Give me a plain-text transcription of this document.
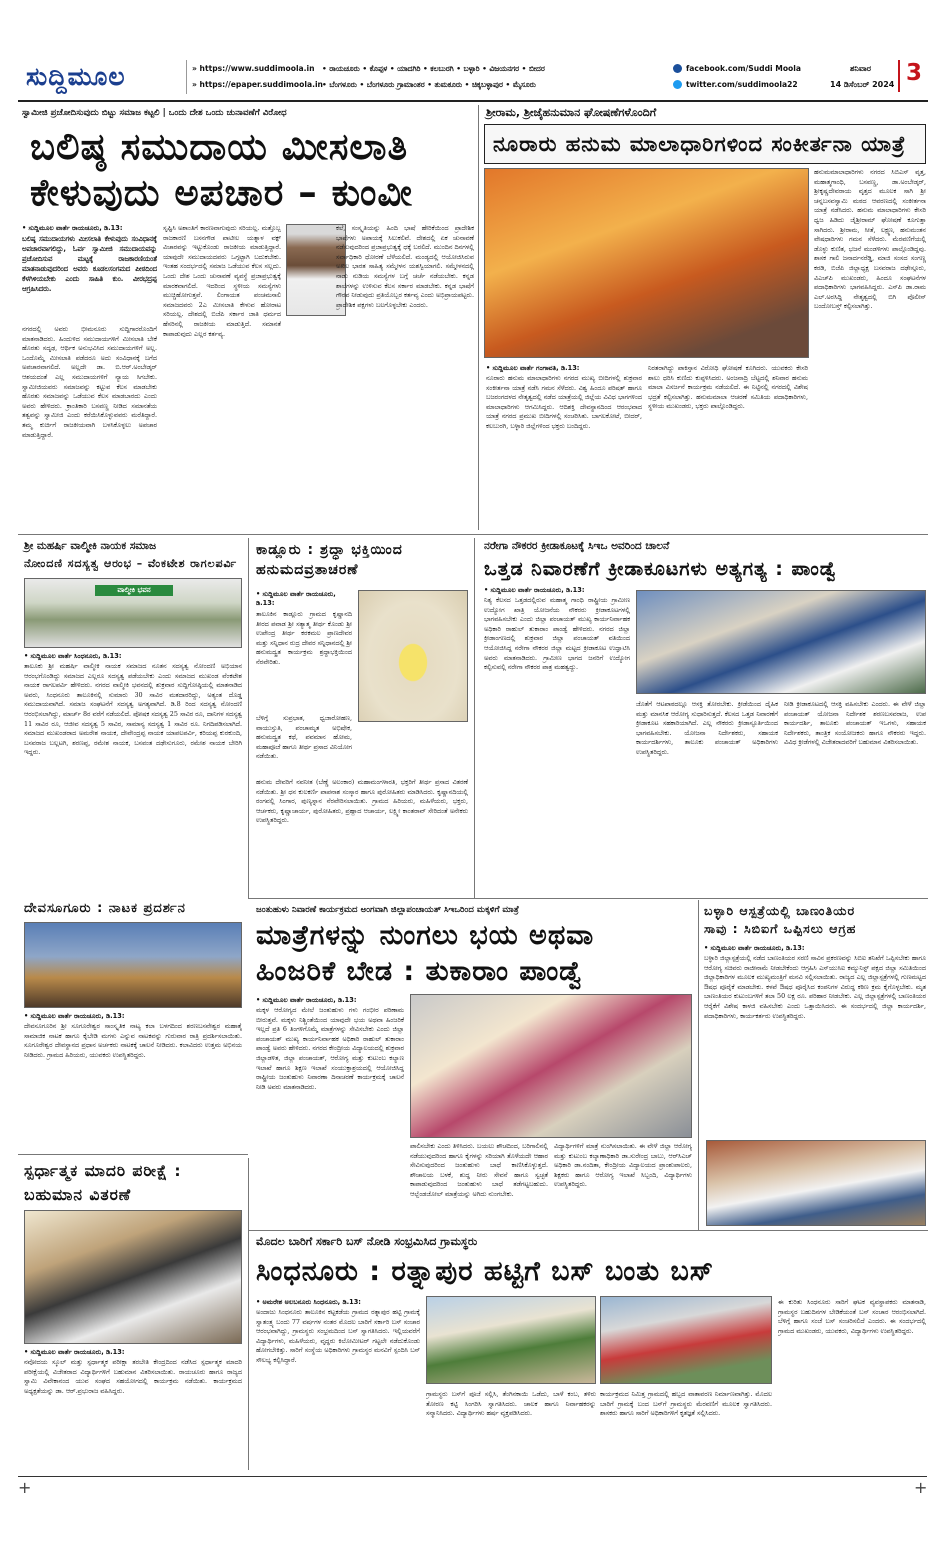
ಸುದ್ದಿಮೂಲ	» https://www.suddimoola.in
» https://epaper.suddimoola.in
• ರಾಯಚೂರು • ಕೊಪ್ಪಳ • ಯಾದಗಿರಿ • ಕಲಬುರಗಿ • ಬಳ್ಳಾರಿ • ವಿಜಯನಗರ • ಬೀದರ
• ಬೆಂಗಳೂರು • ಬೆಂಗಳೂರು ಗ್ರಾಮಾಂತರ • ತುಮಕೂರು • ಚಿಕ್ಕಬಳ್ಳಾಪುರ • ಮೈಸೂರು
facebook.com/Suddi Moola
twitter.com/suddimoola22
ಶನಿವಾರ
14 ಡಿಸೆಂಬರ್ 2024 3
ಸ್ವಾಮೀಜಿ ಪ್ರಚೋದಿಸುವುದು ಬಿಟ್ಟು ಸಮಾಜ ಕಟ್ಟಲಿ | ಒಂದು ದೇಶ ಒಂದು ಚುನಾವಣೆಗೆ ವಿರೋಧ
ಬಲಿಷ್ಠ ಸಮುದಾಯ ಮೀಸಲಾತಿ
ಕೇಳುವುದು ಅಪಚಾರ – ಕುಂವೀ
• ಸುದ್ದಿಮೂಲ ವಾರ್ತೆ ರಾಯಚೂರು, ಡಿ.13:
ಬಲಿಷ್ಠ ಸಮುದಾಯಗಳು ಮೀಸಲಾತಿ ಕೇಳುವುದು ಸಂವಿಧಾನಕ್ಕೆ ಅಪಚಾರವಾಗಲಿದ್ದು, ಓರ್ವ ಸ್ವಾಮೀಜಿ ಸಮುದಾಯವನ್ನು ಪ್ರಚೋದಿಸುವ ಮಟ್ಟಕ್ಕೆ ರಾಜಕಾರಣಿಯಂತೆ ಮಾತನಾಡುವುದರಿಂದ ಅವರು ಕೂಡಲಸಂಗಮದ ಪೀಠದಿಂದ ಕೆಳಗಿಳಿಯಬೇಕು ಎಂದು ಸಾಹಿತಿ ಕುಂ. ವೀರಭದ್ರಪ್ಪ ಆಗ್ರಹಿಸಿದರು.
ನಗರದಲ್ಲಿ ಅವರು ಭೀಮನೂರು ಸುದ್ದಿಗಾರರೊಂದಿಗೆ ಮಾತನಾಡಿದರು. ಹಿಂದುಳಿದ ಸಮುದಾಯಗಳಿಗೆ ಮೀಸಲಾತಿ ಬೇಕೆ ಹೊರತು ಸದೃಢ, ಆರ್ಥಿಕ ಅನುಭವಿಸಿದ ಸಮುದಾಯಗಳಿಗೆ ಅಲ್ಲ. ಒಂದೊಮ್ಮೆ ಮೀಸಲಾತಿ ಪಡೆದರೂ ಅದು ಸಂವಿಧಾನಕ್ಕೆ ಬಗೆದ ಅಪಚಾರವಾಗಲಿದೆ. ಅಲ್ಲದೇ ಡಾ. ಬಿ.ಆರ್.ಅಂಬೇಡ್ಕರ್ ಆಶಯದಂತೆ ಎಲ್ಲ ಸಮುದಾಯಗಳಿಗೆ ನ್ಯಾಯ ಸಿಗಬೇಕು. ಸ್ವಾಮೀಜಿಯವರು ಸಮಾಜವನ್ನು ಕಟ್ಟುವ ಕೆಲಸ ಮಾಡಬೇಕು ಹೊರತು ಸಮಾಜವನ್ನು ಒಡೆಯುವ ಕೆಲಸ ಮಾಡಬಾರದು ಎಂದು ಅವರು ಹೇಳಿದರು. ಕ್ರಾಂತಿಕಾರಿ ಬಸವಣ್ಣ ನೀಡಿದ ಸಮಾನತೆಯ ತತ್ವವನ್ನು ಸ್ವಾಮೀಜಿ ಎಂದು ಕರೆಯಿಸಿಕೊಳ್ಳುವವರು ಮರೆತಿದ್ದಾರೆ. ತಮ್ಮ ಕುರ್ಚಿಗೆ ರಾಜಕೀಯವಾಗಿ ಬಳಸಿಕೊಳ್ಳಲು ಅಪಚಾರ ಮಾಡುತ್ತಿದ್ದಾರೆ.
ಸೃಷ್ಟಿಸಿ ಅಶಾಂತಿಗೆ ಕಾರಣವಾಗುವುದು ಸರಿಯಲ್ಲ. ಮತ್ತೊಬ್ಬ ರಾಜಕಾರಣಿ ಬಸನಗೌಡ ಪಾಟೀಲ ಯತ್ನಾಳ ವಕ್ಫ್ ವಿಚಾರವನ್ನು ಇಟ್ಟುಕೊಂಡು ರಾಜಕೀಯ ಮಾಡುತ್ತಿದ್ದಾರೆ. ಯಾವುದೇ ಸಮುದಾಯದವರು ಒಗ್ಗಟ್ಟಾಗಿ ಬದುಕಬೇಕು. ಇಂತಹ ಸಂದರ್ಭದಲ್ಲಿ ಸಮಾಜ ಒಡೆಯುವ ಕೆಲಸ ಸಲ್ಲದು. ಒಂದು ದೇಶ ಒಂದು ಚುನಾವಣೆ ವ್ಯವಸ್ಥೆ ಪ್ರಜಾಪ್ರಭುತ್ವಕ್ಕೆ ಮಾರಕವಾಗಲಿದೆ. ಇದರಿಂದ ಸ್ಥಳೀಯ ಸಮಸ್ಯೆಗಳು ಮುಚ್ಚಿಹೋಗುತ್ತವೆ. ಲಿಂಗಾಯತ ಪಂಚಮಸಾಲಿ ಸಮಾಜದವರು 2ಎ ಮೀಸಲಾತಿ ಕೇಳುವ ಹೋರಾಟ ಸರಿಯಲ್ಲ. ದೇಶದಲ್ಲಿ ಬಿಜೆಪಿ ಸರ್ಕಾರ ಜಾತಿ ಧರ್ಮದ ಹೆಸರಿನಲ್ಲಿ ರಾಜಕೀಯ ಮಾಡುತ್ತಿದೆ. ಸಮಾನತೆ ಕಾಪಾಡುವುದು ಎಲ್ಲರ ಕರ್ತವ್ಯ.
ಕಲೆ, ಸಂಸ್ಕೃತಿಯನ್ನು ಹಿಂದಿ ಭಾಷೆ ಹೇರಿಕೆಯಿಂದ ಪ್ರಾದೇಶಿಕ ಭಾಷೆಗಳು ಅಪಾಯಕ್ಕೆ ಸಿಲುಕಲಿವೆ. ದೇಶದಲ್ಲಿ ಏಕ ಚುನಾವಣೆ ನಡೆಸುವುದರಿಂದ ಪ್ರಜಾಪ್ರಭುತ್ವಕ್ಕೆ ಧಕ್ಕೆ ಬರಲಿದೆ. ಮುಂದಿನ ದಿನಗಳಲ್ಲಿ ಸರ್ವಾಧಿಕಾರಿ ಧೋರಣೆ ಬೆಳೆಯಲಿದೆ. ಮಂಡ್ಯದಲ್ಲಿ ಆಯೋಜಿಸಿರುವ ಅಖಿಲ ಭಾರತ ಸಾಹಿತ್ಯ ಸಮ್ಮೇಳನ ಯಶಸ್ವಿಯಾಗಲಿ. ಸಮ್ಮೇಳನದಲ್ಲಿ ನಾಡು ನುಡಿಯ ಸಮಸ್ಯೆಗಳ ಬಗ್ಗೆ ಚರ್ಚೆ ನಡೆಯಬೇಕು. ಕನ್ನಡ ಶಾಲೆಗಳನ್ನು ಉಳಿಸುವ ಕೆಲಸ ಸರ್ಕಾರ ಮಾಡಬೇಕು. ಕನ್ನಡ ಭಾಷೆಗೆ ಗೌರವ ನೀಡುವುದು ಪ್ರತಿಯೊಬ್ಬರ ಕರ್ತವ್ಯ ಎಂದು ಅಭಿಪ್ರಾಯಪಟ್ಟರು. ಪ್ರಾದೇಶಿಕ ಪಕ್ಷಗಳು ಬಲಗೊಳ್ಳಬೇಕು ಎಂದರು.
ಶ್ರೀರಾಮ, ಶ್ರೀಜೈಹನುಮಾನ ಘೋಷಣೆಗಳೊಂದಿಗೆ
ನೂರಾರು ಹನುಮ ಮಾಲಾಧಾರಿಗಳಿಂದ ಸಂಕೀರ್ತನಾ ಯಾತ್ರೆ
ಹನುಮಮಾಲಾಧಾರಿಗಳು ನಗರದ ಸಿಬಿಎಸ್ ವೃತ್ತ, ಮಹಾತ್ಮಗಾಂಧಿ, ಬಸವಣ್ಣ, ಡಾ.ಅಂಬೇಡ್ಕರ್, ಶ್ರೀಕೃಷ್ಣದೇವರಾಯ ವೃತ್ತದ ಮೂಲಕ ಸಾಗಿ ಶ್ರೀ ಚನ್ನಬಸವಸ್ವಾಮಿ ಮಠದ ಆವರಣದಲ್ಲಿ ಸಂಕೀರ್ತನಾ ಯಾತ್ರೆ ನಡೆಸಿದರು. ಹನುಮ ಮಾಲಾಧಾರಿಗಳು ಕೇಸರಿ ಧ್ವಜ ಹಿಡಿದು ಜೈಶ್ರೀರಾಮ್ ಘೋಷಣೆ ಕೂಗುತ್ತಾ ಸಾಗಿದರು. ಶ್ರೀರಾಮ, ಸೀತೆ, ಲಕ್ಷ್ಮಣ, ಹನುಮಂತನ ವೇಷಧಾರಿಗಳು ಗಮನ ಸೆಳೆದರು. ಮೆರವಣಿಗೆಯಲ್ಲಿ ಡೊಳ್ಳು ಕುಣಿತ, ಭಜನೆ ಮಂಡಳಿಗಳು ಪಾಲ್ಗೊಂಡಿದ್ದವು. ಶಾಸಕ ಗಾಲಿ ಜನಾರ್ದನರೆಡ್ಡಿ, ಮಾಜಿ ಸಂಸದ ಸಂಗಣ್ಣ ಕರಡಿ, ಬಿಜೆಪಿ ಜಿಲ್ಲಾಧ್ಯಕ್ಷ ಬಸವರಾಜ ದಢೇಸ್ಗೂರು, ವಿಎಚ್‌ಪಿ ಮುಖಂಡರು, ಹಿಂದೂ ಸಂಘಟನೆಗಳ ಪದಾಧಿಕಾರಿಗಳು ಭಾಗವಹಿಸಿದ್ದರು. ಎಸ್‌ಪಿ ಡಾ.ರಾಮ ಎಲ್.ಅರಸಿದ್ದಿ ನೇತೃತ್ವದಲ್ಲಿ ಬಿಗಿ ಪೊಲೀಸ್ ಬಂದೋಬಸ್ತ್ ಕಲ್ಪಿಸಲಾಗಿತ್ತು.
• ಸುದ್ದಿಮೂಲ ವಾರ್ತೆ ಗಂಗಾವತಿ, ಡಿ.13:
ನೂರಾರು ಹನುಮ ಮಾಲಾಧಾರಿಗಳು ನಗರದ ಮುಖ್ಯ ಬೀದಿಗಳಲ್ಲಿ ಶುಕ್ರವಾರ ಸಂಕೀರ್ತನಾ ಯಾತ್ರೆ ನಡೆಸಿ ಗಮನ ಸೆಳೆದರು. ವಿಶ್ವ ಹಿಂದೂ ಪರಿಷತ್ ಹಾಗೂ ಬಜರಂಗದಳದ ನೇತೃತ್ವದಲ್ಲಿ ನಡೆದ ಯಾತ್ರೆಯಲ್ಲಿ ಜಿಲ್ಲೆಯ ವಿವಿಧ ಭಾಗಗಳಿಂದ ಮಾಲಾಧಾರಿಗಳು ಆಗಮಿಸಿದ್ದರು. ಆದಿಶಕ್ತಿ ದೇವಸ್ಥಾನದಿಂದ ಆರಂಭವಾದ ಯಾತ್ರೆ ನಗರದ ಪ್ರಮುಖ ಬೀದಿಗಳಲ್ಲಿ ಸಂಚರಿಸಿತು. ಬಾಗಲಕೋಟೆ, ಬೀದರ್, ಕಲಬುರಗಿ, ಬಳ್ಳಾರಿ ಜಿಲ್ಲೆಗಳಿಂದ ಭಕ್ತರು ಬಂದಿದ್ದರು.
ನಿರತರಾಗಿದ್ದು ಪಾಕಿಸ್ತಾನ ವಿರೋಧಿ ಘೋಷಣೆ ಕೂಗಿದರು. ಯುವಕರು ಕೇಸರಿ ಶಾಲು ಧರಿಸಿ ಕುಣಿದು ಕುಪ್ಪಳಿಸಿದರು. ಅಂಜನಾದ್ರಿ ಬೆಟ್ಟದಲ್ಲಿ ಶನಿವಾರ ಹನುಮ ಮಾಲಾ ವಿಸರ್ಜನೆ ಕಾರ್ಯಕ್ರಮ ನಡೆಯಲಿದೆ. ಈ ನಿಟ್ಟಿನಲ್ಲಿ ನಗರದಲ್ಲಿ ವಿಶೇಷ ಭದ್ರತೆ ಕಲ್ಪಿಸಲಾಗಿತ್ತು. ಹನುಮಮಾಲಾ ಆಚರಣೆ ಸಮಿತಿಯ ಪದಾಧಿಕಾರಿಗಳು, ಸ್ಥಳೀಯ ಮುಖಂಡರು, ಭಕ್ತರು ಪಾಲ್ಗೊಂಡಿದ್ದರು.
ಶ್ರೀ ಮಹರ್ಷಿ ವಾಲ್ಮೀಕಿ ನಾಯಕ ಸಮಾಜ
ನೋಂದಣಿ ಸದಸ್ಯತ್ವ ಆರಂಭ – ವೆಂಕಟೇಶ ರಾಗಲಪರ್ವಿ
ವಾಲ್ಮೀಕಿ ಭವನ
• ಸುದ್ದಿಮೂಲ ವಾರ್ತೆ ಸಿಂಧನೂರು, ಡಿ.13:
ತಾಲೂಕು ಶ್ರೀ ಮಹರ್ಷಿ ವಾಲ್ಮೀಕಿ ನಾಯಕ ಸಮಾಜದ ನೂತನ ಸದಸ್ಯತ್ವ ನೋಂದಣಿ ಅಭಿಯಾನ ಆರಂಭಗೊಂಡಿದ್ದು ಸಮಾಜದ ಎಲ್ಲರೂ ಸದಸ್ಯತ್ವ ಪಡೆಯಬೇಕು ಎಂದು ಸಮಾಜದ ಮುಖಂಡ ವೆಂಕಟೇಶ ನಾಯಕ ರಾಗಲಪರ್ವಿ ಹೇಳಿದರು. ನಗರದ ವಾಲ್ಮೀಕಿ ಭವನದಲ್ಲಿ ಶುಕ್ರವಾರ ಸುದ್ದಿಗೋಷ್ಠಿಯಲ್ಲಿ ಮಾತನಾಡಿದ ಅವರು, ಸಿಂಧನೂರು ತಾಲೂಕಿನಲ್ಲಿ ಸುಮಾರು 30 ಸಾವಿರ ಮತದಾರರಿದ್ದು, ಅತ್ಯಂತ ದೊಡ್ಡ ಸಮುದಾಯವಾಗಿದೆ. ಸಮಾಜ ಸಂಘಟನೆಗೆ ಸದಸ್ಯತ್ವ ಅಗತ್ಯವಾಗಿದೆ. ಡಿ.8 ರಿಂದ ಸದಸ್ಯತ್ವ ನೋಂದಣಿ ಆರಂಭಿಸಲಾಗಿದ್ದು, ಮಾರ್ಚ್ 8ರ ವರೆಗೆ ನಡೆಯಲಿದೆ. ಪೋಷಕ ಸದಸ್ಯತ್ವ 25 ಸಾವಿರ ರೂ, ದಾನಿಗಳ ಸದಸ್ಯತ್ವ 11 ಸಾವಿರ ರೂ, ಆಜೀವ ಸದಸ್ಯತ್ವ 5 ಸಾವಿರ, ಸಾಮಾನ್ಯ ಸದಸ್ಯತ್ವ 1 ಸಾವಿರ ರೂ. ನಿಗದಿಪಡಿಸಲಾಗಿದೆ. ಸಮಾಜದ ಮುಖಂಡರಾದ ಅಮರೇಶ ನಾಯಕ, ದೇವೇಂದ್ರಪ್ಪ ನಾಯಕ ಯಾಪಲಪರ್ವಿ, ಕರಿಯಪ್ಪ ಕುರಕುಂದಿ, ಬಸವರಾಜ ಬಲ್ಲಟಗಿ, ಶರಣಪ್ಪ, ರಮೇಶ ನಾಯಕ, ಬಸವಂತ ದಢೇಸುಗೂರು, ರಮೇಶ ನಾಯಕ ಬೇರಿಗಿ ಇದ್ದರು.
ಕಾಡ್ಲೂರು : ಶ್ರದ್ಧಾ ಭಕ್ತಿಯಿಂದ
ಹನುಮದವ್ರತಾಚರಣೆ
• ಸುದ್ದಿಮೂಲ ವಾರ್ತೆ ರಾಯಚೂರು, ಡಿ.13:
ತಾಲೂಕಿನ ಕಾಡ್ಲೂರು ಗ್ರಾಮದ ಕೃಷ್ಣಾನದಿ ತೀರದ ಪವಾಡ ಶ್ರೀ ಸತ್ಯಾತ್ಮ ತೀರ್ಥ ಕೊಂಡು ಶ್ರೀ ಉಪೇಂದ್ರ ತೀರ್ಥ ಕರಕಮಲ ಪ್ರಾಣದೇವರ ಮತ್ತು ಸನ್ನಿಧಾನ ರುದ್ರ ದೇವರ ಸನ್ನಿಧಾನದಲ್ಲಿ ಶ್ರೀ ಹನುಮದ್ವ್ರತ ಕಾರ್ಯಕ್ರಮ ಶ್ರದ್ಧಾಭಕ್ತಿಯಿಂದ ನೆರವೇರಿತು.
ಬೆಳಿಗ್ಗೆ ಸುಪ್ರಭಾತ, ಧ್ವಜಾರೋಹಣ, ವಾಯುಸ್ತುತಿ, ಪಂಚಾಮೃತ ಅಭಿಷೇಕ, ಹನುಮದ್ವ್ರತ ಕಥೆ, ಪವಮಾನ ಹೋಮ, ಮಹಾಪೂಜೆ ಹಾಗೂ ತೀರ್ಥ ಪ್ರಸಾದ ವಿನಿಯೋಗ ನಡೆಯಿತು.
ಹನುಮ ದೇವರಿಗೆ ನವನೀತ (ಬೆಣ್ಣೆ ಅಲಂಕಾರ) ಮಹಾಮಂಗಳಾರತಿ, ಭಕ್ತರಿಗೆ ತೀರ್ಥ ಪ್ರಸಾದ ವಿತರಣೆ ನಡೆಯಿತು. ಶ್ರೀ ಧನ ಕುಲಕರ್ಣಿ ಪಾಪನಾಶ ಸಂಸ್ಕಾರ ಹಾಗೂ ಪುರೋಹಿತರು ಮಾಡಿಸಿದರು. ಕೃಷ್ಣಾನದಿಯಲ್ಲಿ ರಂಗವಲ್ಲಿ ಸಿಂಗಾರ, ಪುಣ್ಯಸ್ನಾನ ನೆರವೇರಿಸಲಾಯಿತು. ಗ್ರಾಮದ ಹಿರಿಯರು, ಮಹಿಳೆಯರು, ಭಕ್ತರು, ಆರ್ಚಕರು, ಕೃಷ್ಣಾಚಾರ್ಯ, ಪುರೋಹಿತರು, ಪ್ರಹ್ಲಾದ ಆಚಾರ್ಯ, ಲಕ್ಷ್ಮೀ ಕಾಂತರಾವ್ ಸೇರಿದಂತೆ ಅನೇಕರು ಉಪಸ್ಥಿತರಿದ್ದರು.
ನರೇಗಾ ನೌಕರರ ಕ್ರೀಡಾಕೂಟಕ್ಕೆ ಸಿಇಒ ಅವರಿಂದ ಚಾಲನೆ
ಒತ್ತಡ ನಿವಾರಣೆಗೆ ಕ್ರೀಡಾಕೂಟಗಳು ಅತ್ಯಗತ್ಯ : ಪಾಂಡ್ವೆ
• ಸುದ್ದಿಮೂಲ ವಾರ್ತೆ ರಾಯಚೂರು, ಡಿ.13:
ನಿತ್ಯ ಕೆಲಸದ ಒತ್ತಡದಲ್ಲಿರುವ ಮಹಾತ್ಮ ಗಾಂಧಿ ರಾಷ್ಟ್ರೀಯ ಗ್ರಾಮೀಣ ಉದ್ಯೋಗ ಖಾತ್ರಿ ಯೋಜನೆಯ ನೌಕರರು ಕ್ರೀಡಾಕೂಟಗಳಲ್ಲಿ ಭಾಗವಹಿಸಬೇಕು ಎಂದು ಜಿಲ್ಲಾ ಪಂಚಾಯತ್ ಮುಖ್ಯ ಕಾರ್ಯನಿರ್ವಾಹಕ ಅಧಿಕಾರಿ ರಾಹುಲ್ ತುಕಾರಾಂ ಪಾಂಡ್ವೆ ಹೇಳಿದರು. ನಗರದ ಜಿಲ್ಲಾ ಕ್ರೀಡಾಂಗಣದಲ್ಲಿ ಶುಕ್ರವಾರ ಜಿಲ್ಲಾ ಪಂಚಾಯತ್ ವತಿಯಿಂದ ಆಯೋಜಿಸಿದ್ದ ನರೇಗಾ ನೌಕರರ ಜಿಲ್ಲಾ ಮಟ್ಟದ ಕ್ರೀಡಾಕೂಟ ಉದ್ಘಾಟಿಸಿ ಅವರು ಮಾತನಾಡಿದರು. ಗ್ರಾಮೀಣ ಭಾಗದ ಜನರಿಗೆ ಉದ್ಯೋಗ ಕಲ್ಪಿಸುವಲ್ಲಿ ನರೇಗಾ ನೌಕರರ ಪಾತ್ರ ಮಹತ್ವದ್ದು.
ಜೊತೆಗೆ ಆಟಪಾಠದಲ್ಲೂ ಆಸಕ್ತಿ ತೋರಬೇಕು. ಕ್ರೀಡೆಯಿಂದ ದೈಹಿಕ ಮತ್ತು ಮಾನಸಿಕ ಆರೋಗ್ಯ ಸುಧಾರಿಸುತ್ತದೆ. ಕೆಲಸದ ಒತ್ತಡ ನಿವಾರಣೆಗೆ ಕ್ರೀಡಾಕೂಟ ಸಹಕಾರಿಯಾಗಿದೆ. ಎಲ್ಲ ನೌಕರರು ಕ್ರೀಡಾಸ್ಫೂರ್ತಿಯಿಂದ ಭಾಗವಹಿಸಬೇಕು. ಯೋಜನಾ ನಿರ್ದೇಶಕರು, ಸಹಾಯಕ ಕಾರ್ಯದರ್ಶಿಗಳು, ತಾಲೂಕು ಪಂಚಾಯತ್ ಅಧಿಕಾರಿಗಳು ಉಪಸ್ಥಿತರಿದ್ದರು.
ನೀಡಿ ಕ್ರೀಡಾಕೂಟದಲ್ಲಿ ಆಸಕ್ತಿ ವಹಿಸಬೇಕು ಎಂದರು. ಈ ವೇಳೆ ಜಿಲ್ಲಾ ಪಂಚಾಯತ್ ಯೋಜನಾ ನಿರ್ದೇಶಕ ಶರಣಬಸವರಾಜ, ಉಪ ಕಾರ್ಯದರ್ಶಿ, ತಾಲೂಕು ಪಂಚಾಯತ್ ಇಒಗಳು, ಸಹಾಯಕ ನಿರ್ದೇಶಕರು, ತಾಂತ್ರಿಕ ಸಂಯೋಜಕರು ಹಾಗೂ ನೌಕರರು ಇದ್ದರು. ವಿವಿಧ ಕ್ರೀಡೆಗಳಲ್ಲಿ ವಿಜೇತರಾದವರಿಗೆ ಬಹುಮಾನ ವಿತರಿಸಲಾಯಿತು.
ದೇವಸೂಗೂರು : ನಾಟಕ ಪ್ರದರ್ಶನ
• ಸುದ್ದಿಮೂಲ ವಾರ್ತೆ ರಾಯಚೂರು, ಡಿ.13:
ದೇವಸೂಗೂರಿನ ಶ್ರೀ ಸೂಗೂರೇಶ್ವರ ಸಾಂಸ್ಕೃತಿಕ ನಾಟ್ಯ ಕಲಾ ಬಳಗದಿಂದ ಶರಣಬಸವೇಶ್ವರ ಮಹಾತ್ಮೆ ಸಾಮಾಜಿಕ ನಾಟಕ ಹಾಗೂ ಕೈಬೇಡಿ ಮಗಳು ಎನ್ನುವ ನಾಟಕವನ್ನು ಗುರುವಾರ ರಾತ್ರಿ ಪ್ರದರ್ಶಿಸಲಾಯಿತು. ಸೂಗೂರೇಶ್ವರ ದೇವಸ್ಥಾನದ ಪ್ರಧಾನ ಅರ್ಚಕರು ನಾಟಕಕ್ಕೆ ಚಾಲನೆ ನೀಡಿದರು. ಕಲಾವಿದರು ಉತ್ತಮ ಅಭಿನಯ ನೀಡಿದರು. ಗ್ರಾಮದ ಹಿರಿಯರು, ಯುವಕರು ಉಪಸ್ಥಿತರಿದ್ದರು.
ಜಂತುಹುಳು ನಿವಾರಣೆ ಕಾರ್ಯಕ್ರಮದ ಅಂಗವಾಗಿ ಜಿಲ್ಲಾಪಂಚಾಯತ್ ಸಿಇಒರಿಂದ ಮಕ್ಕಳಿಗೆ ಮಾತ್ರೆ
ಮಾತ್ರೆಗಳನ್ನು ನುಂಗಲು ಭಯ ಅಥವಾ
ಹಿಂಜರಿಕೆ ಬೇಡ : ತುಕಾರಾಂ ಪಾಂಡ್ವೆ
• ಸುದ್ದಿಮೂಲ ವಾರ್ತೆ ರಾಯಚೂರು, ಡಿ.13:
ಮಕ್ಕಳ ಆರೋಗ್ಯದ ಮೇಲೆ ಜಂತುಹುಳು ಗಳು ಗಂಭೀರ ಪರಿಣಾಮ ಬೀರುತ್ತವೆ. ಮಕ್ಕಳು ನಿಶ್ಚಿಂತೆಯಿಂದ ಯಾವುದೇ ಭಯ ಅಥವಾ ಹಿಂಜರಿಕೆ ಇಲ್ಲದೆ ಪ್ರತಿ 6 ತಿಂಗಳಿಗೊಮ್ಮೆ ಮಾತ್ರೆಗಳನ್ನು ಸೇವಿಸಬೇಕು ಎಂದು ಜಿಲ್ಲಾ ಪಂಚಾಯತ್ ಮುಖ್ಯ ಕಾರ್ಯನಿರ್ವಾಹಕ ಅಧಿಕಾರಿ ರಾಹುಲ್ ತುಕಾರಾಂ ಪಾಂಡ್ವೆ ಅವರು ಹೇಳಿದರು. ನಗರದ ಕೇಂದ್ರೀಯ ವಿದ್ಯಾಲಯದಲ್ಲಿ ಶುಕ್ರವಾರ ಜಿಲ್ಲಾಡಳಿತ, ಜಿಲ್ಲಾ ಪಂಚಾಯತ್, ಆರೋಗ್ಯ ಮತ್ತು ಕುಟುಂಬ ಕಲ್ಯಾಣ ಇಲಾಖೆ ಹಾಗೂ ಶಿಕ್ಷಣ ಇಲಾಖೆ ಸಂಯುಕ್ತಾಶ್ರಯದಲ್ಲಿ ಆಯೋಜಿಸಿದ್ದ ರಾಷ್ಟ್ರೀಯ ಜಂತುಹುಳು ನಿವಾರಣಾ ದಿನಾಚರಣೆ ಕಾರ್ಯಕ್ರಮಕ್ಕೆ ಚಾಲನೆ ನೀಡಿ ಅವರು ಮಾತನಾಡಿದರು.
ಪಾಲಿಸಬೇಕು ಎಂದು ತಿಳಿಸಿದರು. ಬಯಲು ಶೌಚದಿಂದ, ಬರಿಗಾಲಿನಲ್ಲಿ ನಡೆಯುವುದರಿಂದ ಹಾಗೂ ಕೈಗಳನ್ನು ಸರಿಯಾಗಿ ತೊಳೆಯದೇ ಆಹಾರ ಸೇವಿಸುವುದರಿಂದ ಜಂತುಹುಳು ಬಾಧೆ ಕಾಣಿಸಿಕೊಳ್ಳುತ್ತದೆ. ಶೌಚಾಲಯ ಬಳಕೆ, ಶುದ್ಧ ನೀರು ಸೇವನೆ ಹಾಗೂ ಸ್ವಚ್ಛತೆ ಕಾಪಾಡುವುದರಿಂದ ಜಂತುಹುಳು ಬಾಧೆ ತಡೆಗಟ್ಟಬಹುದು. ಆಲ್ಬೆಂಡಜೋಲ್ ಮಾತ್ರೆಯನ್ನು ಅಗಿದು ನುಂಗಬೇಕು.
ವಿದ್ಯಾರ್ಥಿಗಳಿಗೆ ಮಾತ್ರೆ ನುಂಗಿಸಲಾಯಿತು. ಈ ವೇಳೆ ಜಿಲ್ಲಾ ಆರೋಗ್ಯ ಮತ್ತು ಕುಟುಂಬ ಕಲ್ಯಾಣಾಧಿಕಾರಿ ಡಾ.ಸುರೇಂದ್ರ ಬಾಬು, ಆರ್‌ಸಿಎಚ್ ಅಧಿಕಾರಿ ಡಾ.ನಂದಿತಾ, ಕೇಂದ್ರೀಯ ವಿದ್ಯಾಲಯದ ಪ್ರಾಂಶುಪಾಲರು, ಶಿಕ್ಷಕರು ಹಾಗೂ ಆರೋಗ್ಯ ಇಲಾಖೆ ಸಿಬ್ಬಂದಿ, ವಿದ್ಯಾರ್ಥಿಗಳು ಉಪಸ್ಥಿತರಿದ್ದರು.
ಬಳ್ಳಾರಿ ಆಸ್ಪತ್ರೆಯಲ್ಲಿ ಬಾಣಂತಿಯರ
ಸಾವು : ಸಿಬಿಐಗೆ ಒಪ್ಪಿಸಲು ಆಗ್ರಹ
• ಸುದ್ದಿಮೂಲ ವಾರ್ತೆ ರಾಯಚೂರು, ಡಿ.13:
ಬಳ್ಳಾರಿ ಜಿಲ್ಲಾಸ್ಪತ್ರೆಯಲ್ಲಿ ನಡೆದ ಬಾಣಂತಿಯರ ಸರಣಿ ಸಾವಿನ ಪ್ರಕರಣವನ್ನು ಸಿಬಿಐ ತನಿಖೆಗೆ ಒಪ್ಪಿಸಬೇಕು ಹಾಗೂ ಆರೋಗ್ಯ ಸಚಿವರು ರಾಜೀನಾಮೆ ನೀಡಬೇಕೆಂದು ಆಗ್ರಹಿಸಿ ಎಸ್‌ಯುಸಿಐ ಕಮ್ಯುನಿಸ್ಟ್ ಪಕ್ಷದ ಜಿಲ್ಲಾ ಸಮಿತಿಯಿಂದ ಜಿಲ್ಲಾಧಿಕಾರಿಗಳ ಮೂಲಕ ಮುಖ್ಯಮಂತ್ರಿಗೆ ಮನವಿ ಸಲ್ಲಿಸಲಾಯಿತು. ರಾಜ್ಯದ ಎಲ್ಲ ಜಿಲ್ಲಾಸ್ಪತ್ರೆಗಳಲ್ಲಿ ಗುಣಮಟ್ಟದ ಔಷಧ ಪೂರೈಕೆ ಮಾಡಬೇಕು. ಕಳಪೆ ಔಷಧ ಪೂರೈಸಿದ ಕಂಪನಿಗಳ ವಿರುದ್ಧ ಕಠಿಣ ಕ್ರಮ ಕೈಗೊಳ್ಳಬೇಕು. ಮೃತ ಬಾಣಂತಿಯರ ಕುಟುಂಬಗಳಿಗೆ ತಲಾ 50 ಲಕ್ಷ ರೂ. ಪರಿಹಾರ ನೀಡಬೇಕು. ಎಲ್ಲ ಜಿಲ್ಲಾಸ್ಪತ್ರೆಗಳಲ್ಲಿ ಬಾಣಂತಿಯರ ಆರೈಕೆಗೆ ವಿಶೇಷ ಕಾಳಜಿ ವಹಿಸಬೇಕು ಎಂದು ಒತ್ತಾಯಿಸಿದರು. ಈ ಸಂದರ್ಭದಲ್ಲಿ ಜಿಲ್ಲಾ ಕಾರ್ಯದರ್ಶಿ, ಪದಾಧಿಕಾರಿಗಳು, ಕಾರ್ಯಕರ್ತರು ಉಪಸ್ಥಿತರಿದ್ದರು.
ಸ್ಪರ್ಧಾತ್ಮಕ ಮಾದರಿ ಪರೀಕ್ಷೆ :
ಬಹುಮಾನ ವಿತರಣೆ
• ಸುದ್ದಿಮೂಲ ವಾರ್ತೆ ರಾಯಚೂರು, ಡಿ.13:
ನವೋದಯ ಸ್ಕೂಲ್ ಮತ್ತು ಸ್ಪರ್ಧಾತ್ಮಕ ಪರೀಕ್ಷಾ ತರಬೇತಿ ಕೇಂದ್ರದಿಂದ ನಡೆಸಿದ ಸ್ಪರ್ಧಾತ್ಮಕ ಮಾದರಿ ಪರೀಕ್ಷೆಯಲ್ಲಿ ವಿಜೇತರಾದ ವಿದ್ಯಾರ್ಥಿಗಳಿಗೆ ಬಹುಮಾನ ವಿತರಿಸಲಾಯಿತು. ರಾಯಚೂರು ಹಾಗೂ ರಾಜ್ಯದ ಸ್ವಾಮಿ ವಿವೇಕಾನಂದ ಯುವ ಸಂಘದ ಸಹಯೋಗದಲ್ಲಿ ಕಾರ್ಯಕ್ರಮ ನಡೆಯಿತು. ಕಾರ್ಯಕ್ರಮದ ಅಧ್ಯಕ್ಷತೆಯನ್ನು ಡಾ. ಆರ್.ಪ್ರಭುರಾಜ ವಹಿಸಿದ್ದರು.
ಮೊದಲ ಬಾರಿಗೆ ಸರ್ಕಾರಿ ಬಸ್ ನೋಡಿ ಸಂಭ್ರಮಿಸಿದ ಗ್ರಾಮಸ್ಥರು
ಸಿಂಧನೂರು : ರತ್ನಾಪುರ ಹಟ್ಟಿಗೆ ಬಸ್ ಬಂತು ಬಸ್
• ಅಮರೇಶ ಅಲಬನೂರು ಸಿಂಧನೂರು, ಡಿ.13:
ಅಂದಾಜು ಸಿಂಧನೂರು ತಾಲೂಕಿನ ಕಟ್ಟಕಡೆಯ ಗ್ರಾಮದ ರತ್ನಾಪುರ ಹಟ್ಟಿ ಗ್ರಾಮಕ್ಕೆ ಸ್ವಾತಂತ್ರ್ಯ ಬಂದು 77 ವರ್ಷಗಳ ನಂತರ ಮೊದಲ ಬಾರಿಗೆ ಸರ್ಕಾರಿ ಬಸ್ ಸಂಚಾರ ಆರಂಭವಾಗಿದ್ದು, ಗ್ರಾಮಸ್ಥರು ಸಂಭ್ರಮದಿಂದ ಬಸ್ ಸ್ವಾಗತಿಸಿದರು. ಇಲ್ಲಿಯವರೆಗೆ ವಿದ್ಯಾರ್ಥಿಗಳು, ಮಹಿಳೆಯರು, ವೃದ್ಧರು ಕಿಲೋಮೀಟರ್ ಗಟ್ಟಲೇ ನಡೆದುಕೊಂಡು ಹೋಗಬೇಕಿತ್ತು. ಸಾರಿಗೆ ಸಂಸ್ಥೆಯ ಅಧಿಕಾರಿಗಳು ಗ್ರಾಮಸ್ಥರ ಮನವಿಗೆ ಸ್ಪಂದಿಸಿ ಬಸ್ ಸೌಲಭ್ಯ ಕಲ್ಪಿಸಿದ್ದಾರೆ.
ಗ್ರಾಮಸ್ಥರು ಬಸ್‌ಗೆ ಪೂಜೆ ಸಲ್ಲಿಸಿ, ತೆಂಗಿನಕಾಯಿ ಒಡೆದು, ಬಾಳೆ ಕಂಬ, ತಳಿರು ತೋರಣ ಕಟ್ಟಿ ಸಿಂಗರಿಸಿ ಸ್ವಾಗತಿಸಿದರು. ಚಾಲಕ ಹಾಗೂ ನಿರ್ವಾಹಕರನ್ನು ಸನ್ಮಾನಿಸಿದರು. ವಿದ್ಯಾರ್ಥಿಗಳು ಹರ್ಷ ವ್ಯಕ್ತಪಡಿಸಿದರು.
ಕಾರ್ಯಕ್ರಮದ ನಿಮಿತ್ತ ಗ್ರಾಮದಲ್ಲಿ ಹಬ್ಬದ ವಾತಾವರಣ ನಿರ್ಮಾಣವಾಗಿತ್ತು. ಮೊದಲ ಬಾರಿಗೆ ಗ್ರಾಮಕ್ಕೆ ಬಂದ ಬಸ್‌ಗೆ ಗ್ರಾಮಸ್ಥರು ಮೆರವಣಿಗೆ ಮೂಲಕ ಸ್ವಾಗತಿಸಿದರು. ಶಾಸಕರು ಹಾಗೂ ಸಾರಿಗೆ ಅಧಿಕಾರಿಗಳಿಗೆ ಕೃತಜ್ಞತೆ ಸಲ್ಲಿಸಿದರು.
ಈ ಕುರಿತು ಸಿಂಧನೂರು ಸಾರಿಗೆ ಘಟಕ ವ್ಯವಸ್ಥಾಪಕರು ಮಾತನಾಡಿ, ಗ್ರಾಮಸ್ಥರ ಬಹುದಿನಗಳ ಬೇಡಿಕೆಯಂತೆ ಬಸ್ ಸಂಚಾರ ಆರಂಭಿಸಲಾಗಿದೆ. ಬೆಳಿಗ್ಗೆ ಹಾಗೂ ಸಂಜೆ ಬಸ್ ಸಂಚರಿಸಲಿದೆ ಎಂದರು. ಈ ಸಂದರ್ಭದಲ್ಲಿ ಗ್ರಾಮದ ಮುಖಂಡರು, ಯುವಕರು, ವಿದ್ಯಾರ್ಥಿಗಳು ಉಪಸ್ಥಿತರಿದ್ದರು.
+	+
